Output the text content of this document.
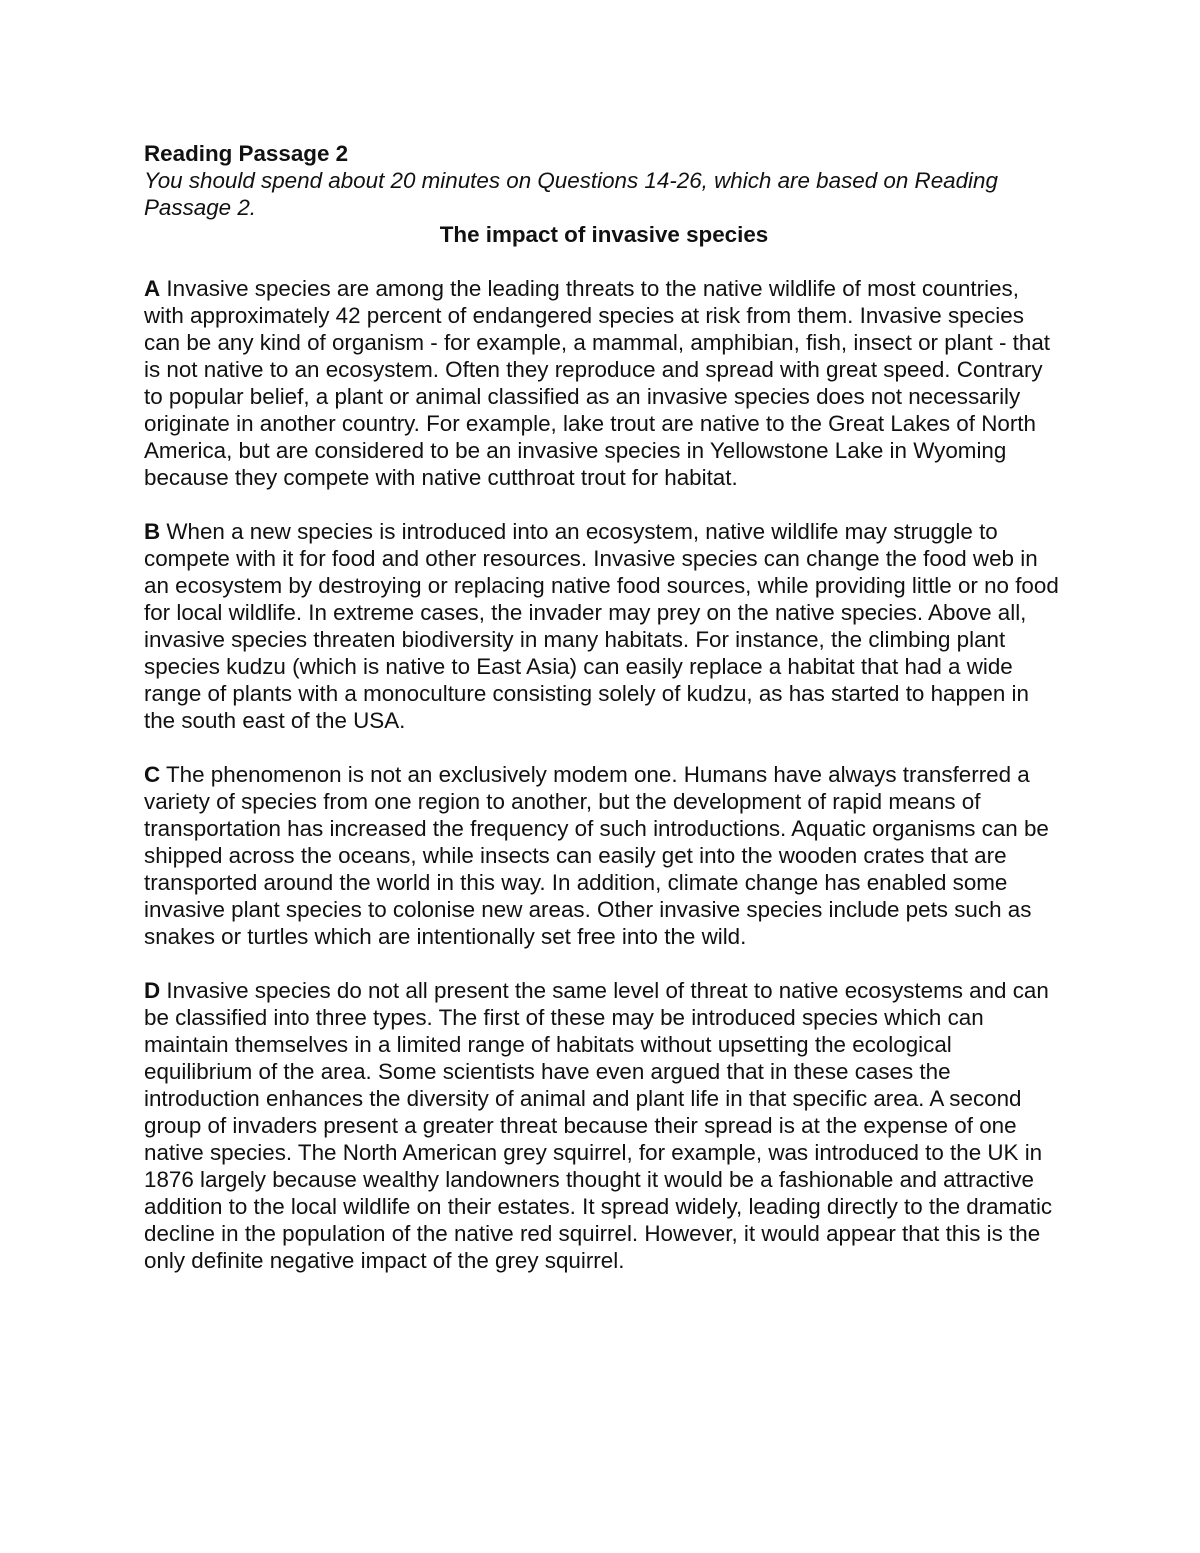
Reading Passage 2

You should spend about 20 minutes on Questions 14-26, which are based on Reading Passage 2.

The impact of invasive species

A Invasive species are among the leading threats to the native wildlife of most countries, with approximately 42 percent of endangered species at risk from them. Invasive species can be any kind of organism - for example, a mammal, amphibian, fish, insect or plant - that is not native to an ecosystem. Often they reproduce and spread with great speed. Contrary to popular belief, a plant or animal classified as an invasive species does not necessarily originate in another country. For example, lake trout are native to the Great Lakes of North America, but are considered to be an invasive species in Yellowstone Lake in Wyoming because they compete with native cutthroat trout for habitat.

B When a new species is introduced into an ecosystem, native wildlife may struggle to compete with it for food and other resources. Invasive species can change the food web in an ecosystem by destroying or replacing native food sources, while providing little or no food for local wildlife. In extreme cases, the invader may prey on the native species. Above all, invasive species threaten biodiversity in many habitats. For instance, the climbing plant species kudzu (which is native to East Asia) can easily replace a habitat that had a wide range of plants with a monoculture consisting solely of kudzu, as has started to happen in the south east of the USA.

C The phenomenon is not an exclusively modem one. Humans have always transferred a variety of species from one region to another, but the development of rapid means of transportation has increased the frequency of such introductions. Aquatic organisms can be shipped across the oceans, while insects can easily get into the wooden crates that are transported around the world in this way. In addition, climate change has enabled some invasive plant species to colonise new areas. Other invasive species include pets such as snakes or turtles which are intentionally set free into the wild.

D Invasive species do not all present the same level of threat to native ecosystems and can be classified into three types. The first of these may be introduced species which can maintain themselves in a limited range of habitats without upsetting the ecological equilibrium of the area. Some scientists have even argued that in these cases the introduction enhances the diversity of animal and plant life in that specific area. A second group of invaders present a greater threat because their spread is at the expense of one native species. The North American grey squirrel, for example, was introduced to the UK in 1876 largely because wealthy landowners thought it would be a fashionable and attractive addition to the local wildlife on their estates. It spread widely, leading directly to the dramatic decline in the population of the native red squirrel. However, it would appear that this is the only definite negative impact of the grey squirrel.
